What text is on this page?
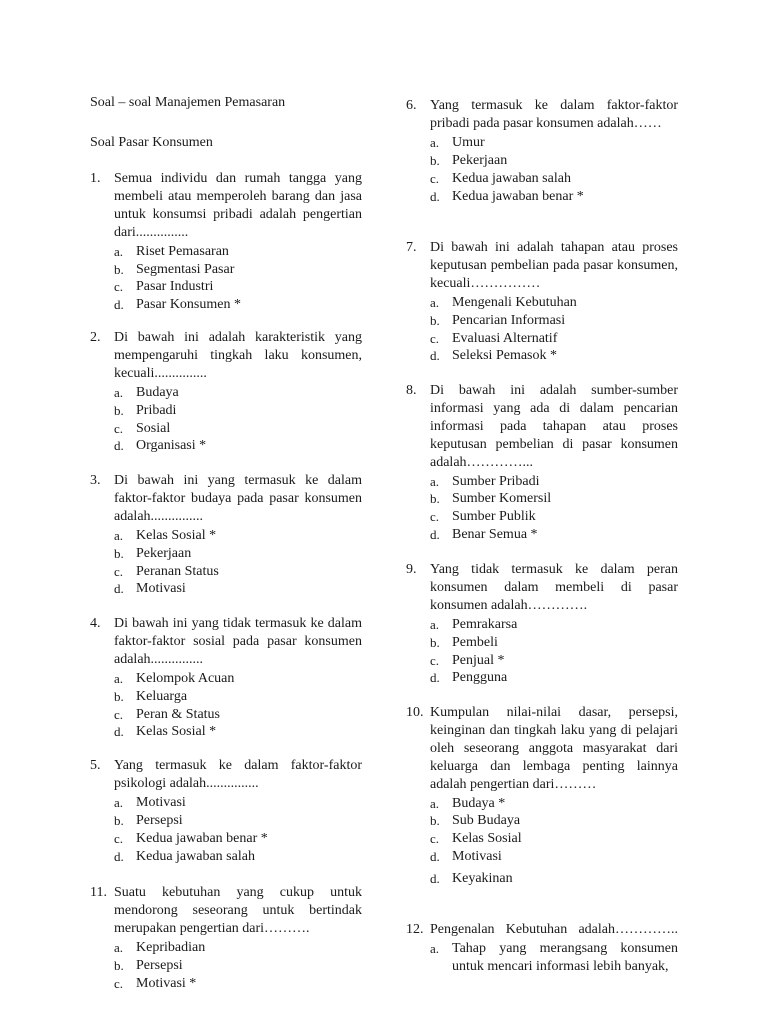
Soal – soal Manajemen Pemasaran
Soal Pasar Konsumen
1. Semua individu dan rumah tangga yang membeli atau memperoleh barang dan jasa untuk konsumsi pribadi adalah pengertian dari...............
a. Riset Pemasaran
b. Segmentasi Pasar
c. Pasar Industri
d. Pasar Konsumen *
2. Di bawah ini adalah karakteristik yang mempengaruhi tingkah laku konsumen, kecuali...............
a. Budaya
b. Pribadi
c. Sosial
d. Organisasi *
3. Di bawah ini yang termasuk ke dalam faktor-faktor budaya pada pasar konsumen adalah...............
a. Kelas Sosial *
b. Pekerjaan
c. Peranan Status
d. Motivasi
4. Di bawah ini yang tidak termasuk ke dalam faktor-faktor sosial pada pasar konsumen adalah...............
a. Kelompok Acuan
b. Keluarga
c. Peran & Status
d. Kelas Sosial *
5. Yang termasuk ke dalam faktor-faktor psikologi adalah...............
a. Motivasi
b. Persepsi
c. Kedua jawaban benar *
d. Kedua jawaban salah
11. Suatu kebutuhan yang cukup untuk mendorong seseorang untuk bertindak merupakan pengertian dari……….
a. Kepribadian
b. Persepsi
c. Motivasi *
6. Yang termasuk ke dalam faktor-faktor pribadi pada pasar konsumen adalah……
a. Umur
b. Pekerjaan
c. Kedua jawaban salah
d. Kedua jawaban benar *
7. Di bawah ini adalah tahapan atau proses keputusan pembelian pada pasar konsumen, kecuali……………
a. Mengenali Kebutuhan
b. Pencarian Informasi
c. Evaluasi Alternatif
d. Seleksi Pemasok *
8. Di bawah ini adalah sumber-sumber informasi yang ada di dalam pencarian informasi pada tahapan atau proses keputusan pembelian di pasar konsumen adalah…………...
a. Sumber Pribadi
b. Sumber Komersil
c. Sumber Publik
d. Benar Semua *
9. Yang tidak termasuk ke dalam peran konsumen dalam membeli di pasar konsumen adalah………….
a. Pemrakarsa
b. Pembeli
c. Penjual *
d. Pengguna
10. Kumpulan nilai-nilai dasar, persepsi, keinginan dan tingkah laku yang di pelajari oleh seseorang anggota masyarakat dari keluarga dan lembaga penting lainnya adalah pengertian dari………
a. Budaya *
b. Sub Budaya
c. Kelas Sosial
d. Motivasi
d. Keyakinan
12. Pengenalan Kebutuhan adalah…………..
a. Tahap yang merangsang konsumen untuk mencari informasi lebih banyak,
